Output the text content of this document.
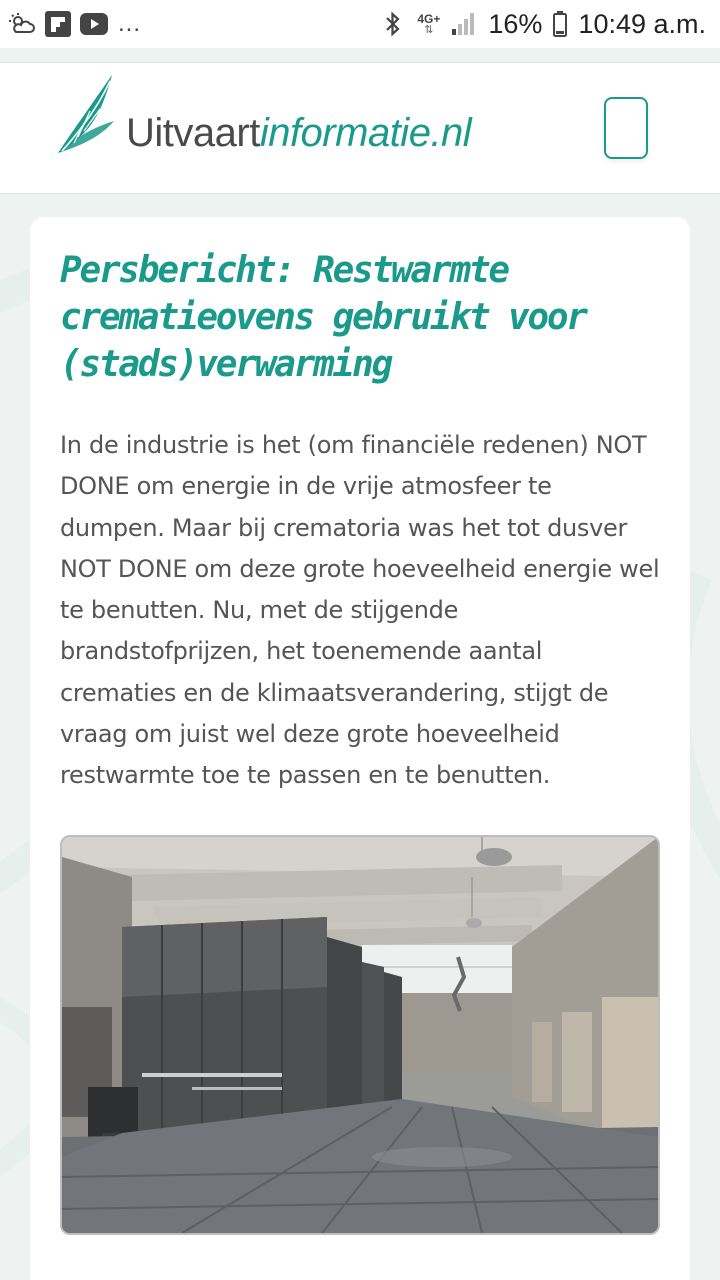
...	4G+
⇅ 16% 10:49 a.m.
Uitvaartinformatie.nl
Persbericht: Restwarmte crematieovens gebruikt voor (stads)verwarming

In de industrie is het (om financiële redenen) NOT DONE om energie in de vrije atmosfeer te dumpen. Maar bij crematoria was het tot dusver NOT DONE om deze grote hoeveelheid energie wel te benutten. Nu, met de stijgende brandstofprijzen, het toenemende aantal crematies en de klimaatsverandering, stijgt de vraag om juist wel deze grote hoeveelheid restwarmte toe te passen en te benutten.
